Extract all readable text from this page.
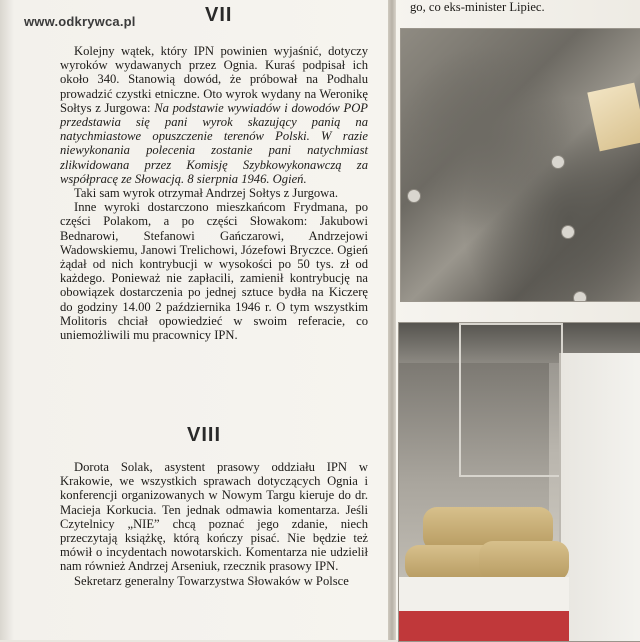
www.odkrywca.pl	VII

Kolejny wątek, który IPN powinien wyjaśnić, dotyczy wyroków wydawanych przez Ognia. Kuraś podpisał ich około 340. Stanowią dowód, że próbował na Podhalu prowadzić czystki etniczne. Oto wyrok wydany na Weronikę Sołtys z Jurgowa: Na podstawie wywiadów i dowodów POP przedstawia się pani wyrok skazujący panią na natychmiastowe opuszczenie terenów Polski. W razie niewykonania polecenia zostanie pani natychmiast zlikwidowana przez Komisję Szybkowykonawczą za współpracę ze Słowacją. 8 sierpnia 1946. Ogień.

Taki sam wyrok otrzymał Andrzej Sołtys z Jurgowa.

Inne wyroki dostarczono mieszkańcom Frydmana, po części Polakom, a po części Słowakom: Jakubowi Bednarowi, Stefanowi Gańczarowi, Andrzejowi Wadowskiemu, Janowi Trelichowi, Józefowi Bryczce. Ogień żądał od nich kontrybucji w wysokości po 50 tys. zł od każdego. Ponieważ nie zapłacili, zamienił kontrybucję na obowiązek dostarczenia po jednej sztuce bydła na Kiczerę do godziny 14.00 2 października 1946 r. O tym wszystkim Molitoris chciał opowiedzieć w swoim referacie, co uniemożliwili mu pracownicy IPN.

VIII

Dorota Solak, asystent prasowy oddziału IPN w Krakowie, we wszystkich sprawach dotyczących Ognia i konferencji organizowanych w Nowym Targu kieruje do dr. Macieja Korkucia. Ten jednak odmawia komentarza. Jeśli Czytelnicy „NIE” chcą poznać jego zdanie, niech przeczytają książkę, którą kończy pisać. Nie będzie też mówił o incydentach nowotarskich. Komentarza nie udzielił nam również Andrzej Arseniuk, rzecznik prasowy IPN.

Sekretarz generalny Towarzystwa Słowaków w Polsce

go, co eks-minister Lipiec.
